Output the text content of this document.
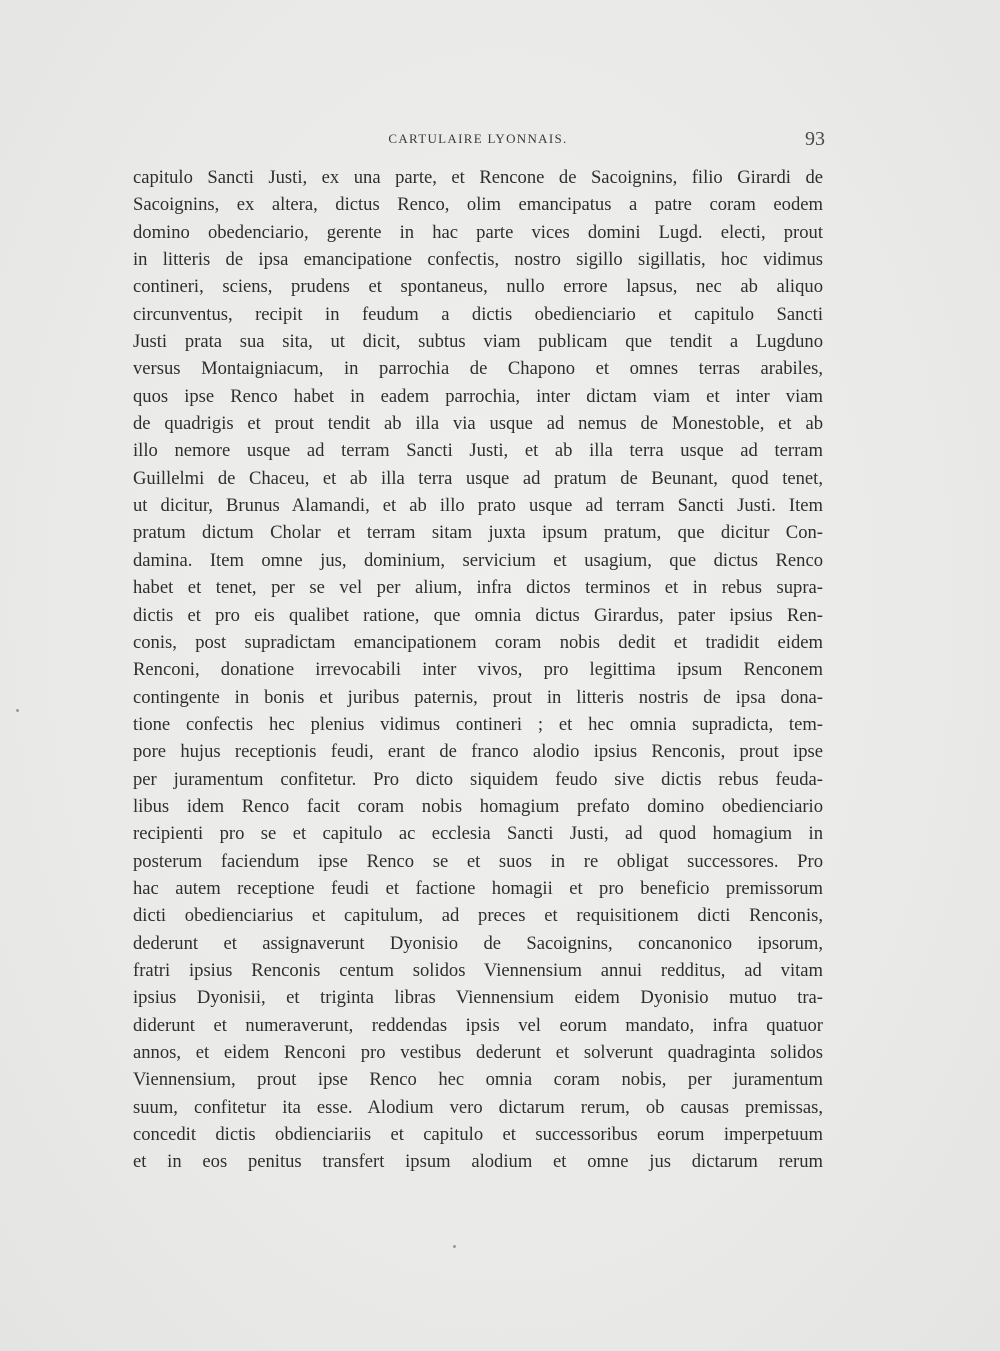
CARTULAIRE LYONNAIS.	93
capitulo Sancti Justi, ex una parte, et Rencone de Sacoignins, filio Girardi de
Sacoignins, ex altera, dictus Renco, olim emancipatus a patre coram eodem
domino obedenciario, gerente in hac parte vices domini Lugd. electi, prout
in litteris de ipsa emancipatione confectis, nostro sigillo sigillatis, hoc vidimus
contineri, sciens, prudens et spontaneus, nullo errore lapsus, nec ab aliquo
circunventus, recipit in feudum a dictis obedienciario et capitulo Sancti
Justi prata sua sita, ut dicit, subtus viam publicam que tendit a Lugduno
versus Montaigniacum, in parrochia de Chapono et omnes terras arabiles,
quos ipse Renco habet in eadem parrochia, inter dictam viam et inter viam
de quadrigis et prout tendit ab illa via usque ad nemus de Monestoble, et ab
illo nemore usque ad terram Sancti Justi, et ab illa terra usque ad terram
Guillelmi de Chaceu, et ab illa terra usque ad pratum de Beunant, quod tenet,
ut dicitur, Brunus Alamandi, et ab illo prato usque ad terram Sancti Justi. Item
pratum dictum Cholar et terram sitam juxta ipsum pratum, que dicitur Con-
damina. Item omne jus, dominium, servicium et usagium, que dictus Renco
habet et tenet, per se vel per alium, infra dictos terminos et in rebus supra-
dictis et pro eis qualibet ratione, que omnia dictus Girardus, pater ipsius Ren-
conis, post supradictam emancipationem coram nobis dedit et tradidit eidem
Renconi, donatione irrevocabili inter vivos, pro legittima ipsum Renconem
contingente in bonis et juribus paternis, prout in litteris nostris de ipsa dona-
tione confectis hec plenius vidimus contineri ; et hec omnia supradicta, tem-
pore hujus receptionis feudi, erant de franco alodio ipsius Renconis, prout ipse
per juramentum confitetur. Pro dicto siquidem feudo sive dictis rebus feuda-
libus idem Renco facit coram nobis homagium prefato domino obedienciario
recipienti pro se et capitulo ac ecclesia Sancti Justi, ad quod homagium in
posterum faciendum ipse Renco se et suos in re obligat successores. Pro
hac autem receptione feudi et factione homagii et pro beneficio premissorum
dicti obedienciarius et capitulum, ad preces et requisitionem dicti Renconis,
dederunt et assignaverunt Dyonisio de Sacoignins, concanonico ipsorum,
fratri ipsius Renconis centum solidos Viennensium annui redditus, ad vitam
ipsius Dyonisii, et triginta libras Viennensium eidem Dyonisio mutuo tra-
diderunt et numeraverunt, reddendas ipsis vel eorum mandato, infra quatuor
annos, et eidem Renconi pro vestibus dederunt et solverunt quadraginta solidos
Viennensium, prout ipse Renco hec omnia coram nobis, per juramentum
suum, confitetur ita esse. Alodium vero dictarum rerum, ob causas premissas,
concedit dictis obdienciariis et capitulo et successoribus eorum imperpetuum
et in eos penitus transfert ipsum alodium et omne jus dictarum rerum
